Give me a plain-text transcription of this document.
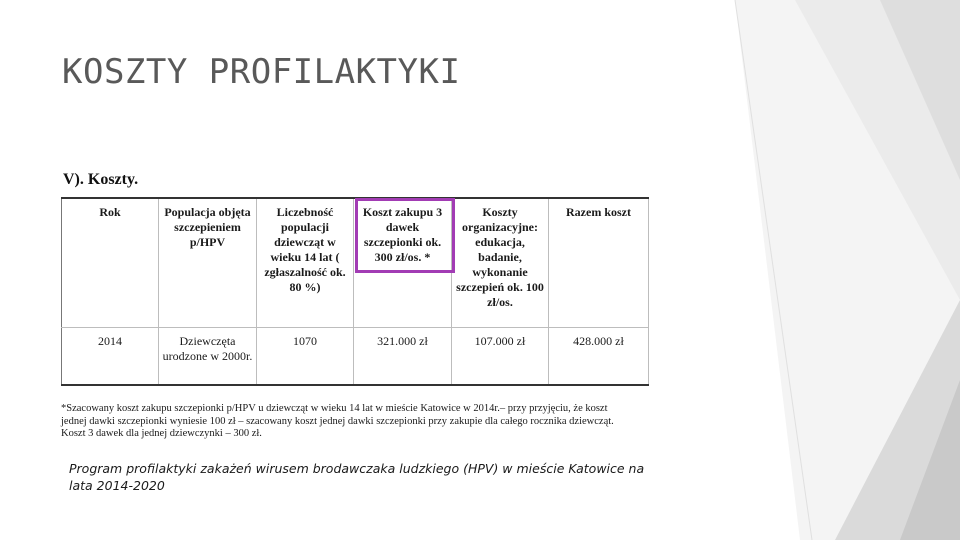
KOSZTY PROFILAKTYKI
V). Koszty.
Rok	Populacja objęta szczepieniem p/HPV	Liczebność populacji dziewcząt w wieku 14 lat ( zgłaszalność ok. 80 %)	Koszt zakupu 3 dawek szczepionki ok. 300 zł/os. *	Koszty organizacyjne: edukacja, badanie, wykonanie szczepień ok. 100 zł/os.	Razem koszt
2014	Dziewczęta urodzone w 2000r.	1070	321.000 zł	107.000 zł	428.000 zł
*Szacowany koszt zakupu szczepionki p/HPV u dziewcząt w wieku 14 lat w mieście Katowice w 2014r.– przy przyjęciu, że koszt
jednej dawki szczepionki wyniesie 100 zł – szacowany koszt jednej dawki szczepionki przy zakupie dla całego rocznika dziewcząt.
Koszt 3 dawek dla jednej dziewczynki – 300 zł.
Program profilaktyki zakażeń wirusem brodawczaka ludzkiego (HPV) w mieście Katowice na lata 2014-2020
